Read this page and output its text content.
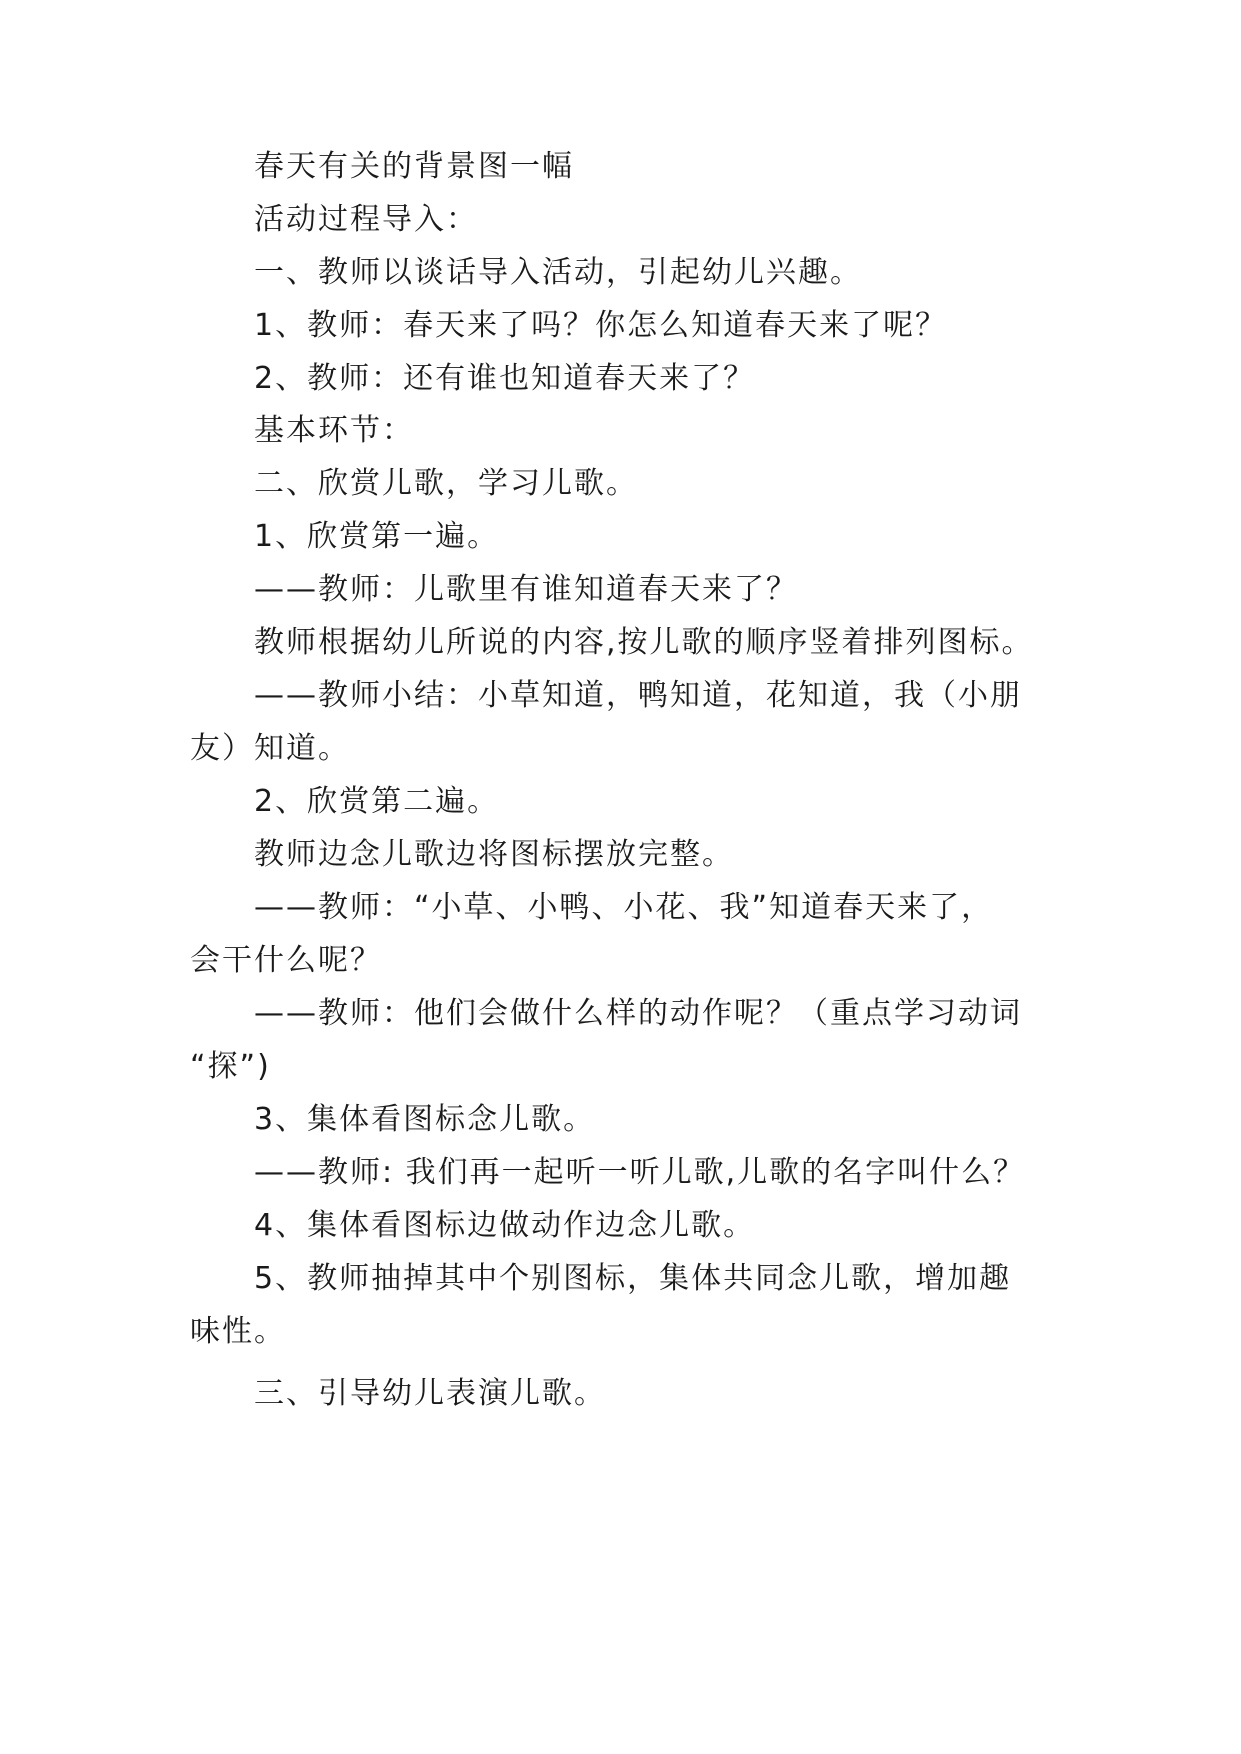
春天有关的背景图一幅
活动过程导入：
一、教师以谈话导入活动，引起幼儿兴趣。
1、教师：春天来了吗？你怎么知道春天来了呢？
2、教师：还有谁也知道春天来了？
基本环节：
二、欣赏儿歌，学习儿歌。
1、欣赏第一遍。
——教师：儿歌里有谁知道春天来了？
教师根据幼儿所说的内容,按儿歌的顺序竖着排列图标。
——教师小结：小草知道，鸭知道，花知道，我（小朋
友）知道。
2、欣赏第二遍。
教师边念儿歌边将图标摆放完整。
——教师：“小草、小鸭、小花、我”知道春天来了，
会干什么呢？
——教师：他们会做什么样的动作呢？（重点学习动词
“探”)
3、集体看图标念儿歌。
——教师: 我们再一起听一听儿歌,儿歌的名字叫什么？
4、集体看图标边做动作边念儿歌。
5、教师抽掉其中个别图标，集体共同念儿歌，增加趣
味性。
三、引导幼儿表演儿歌。
